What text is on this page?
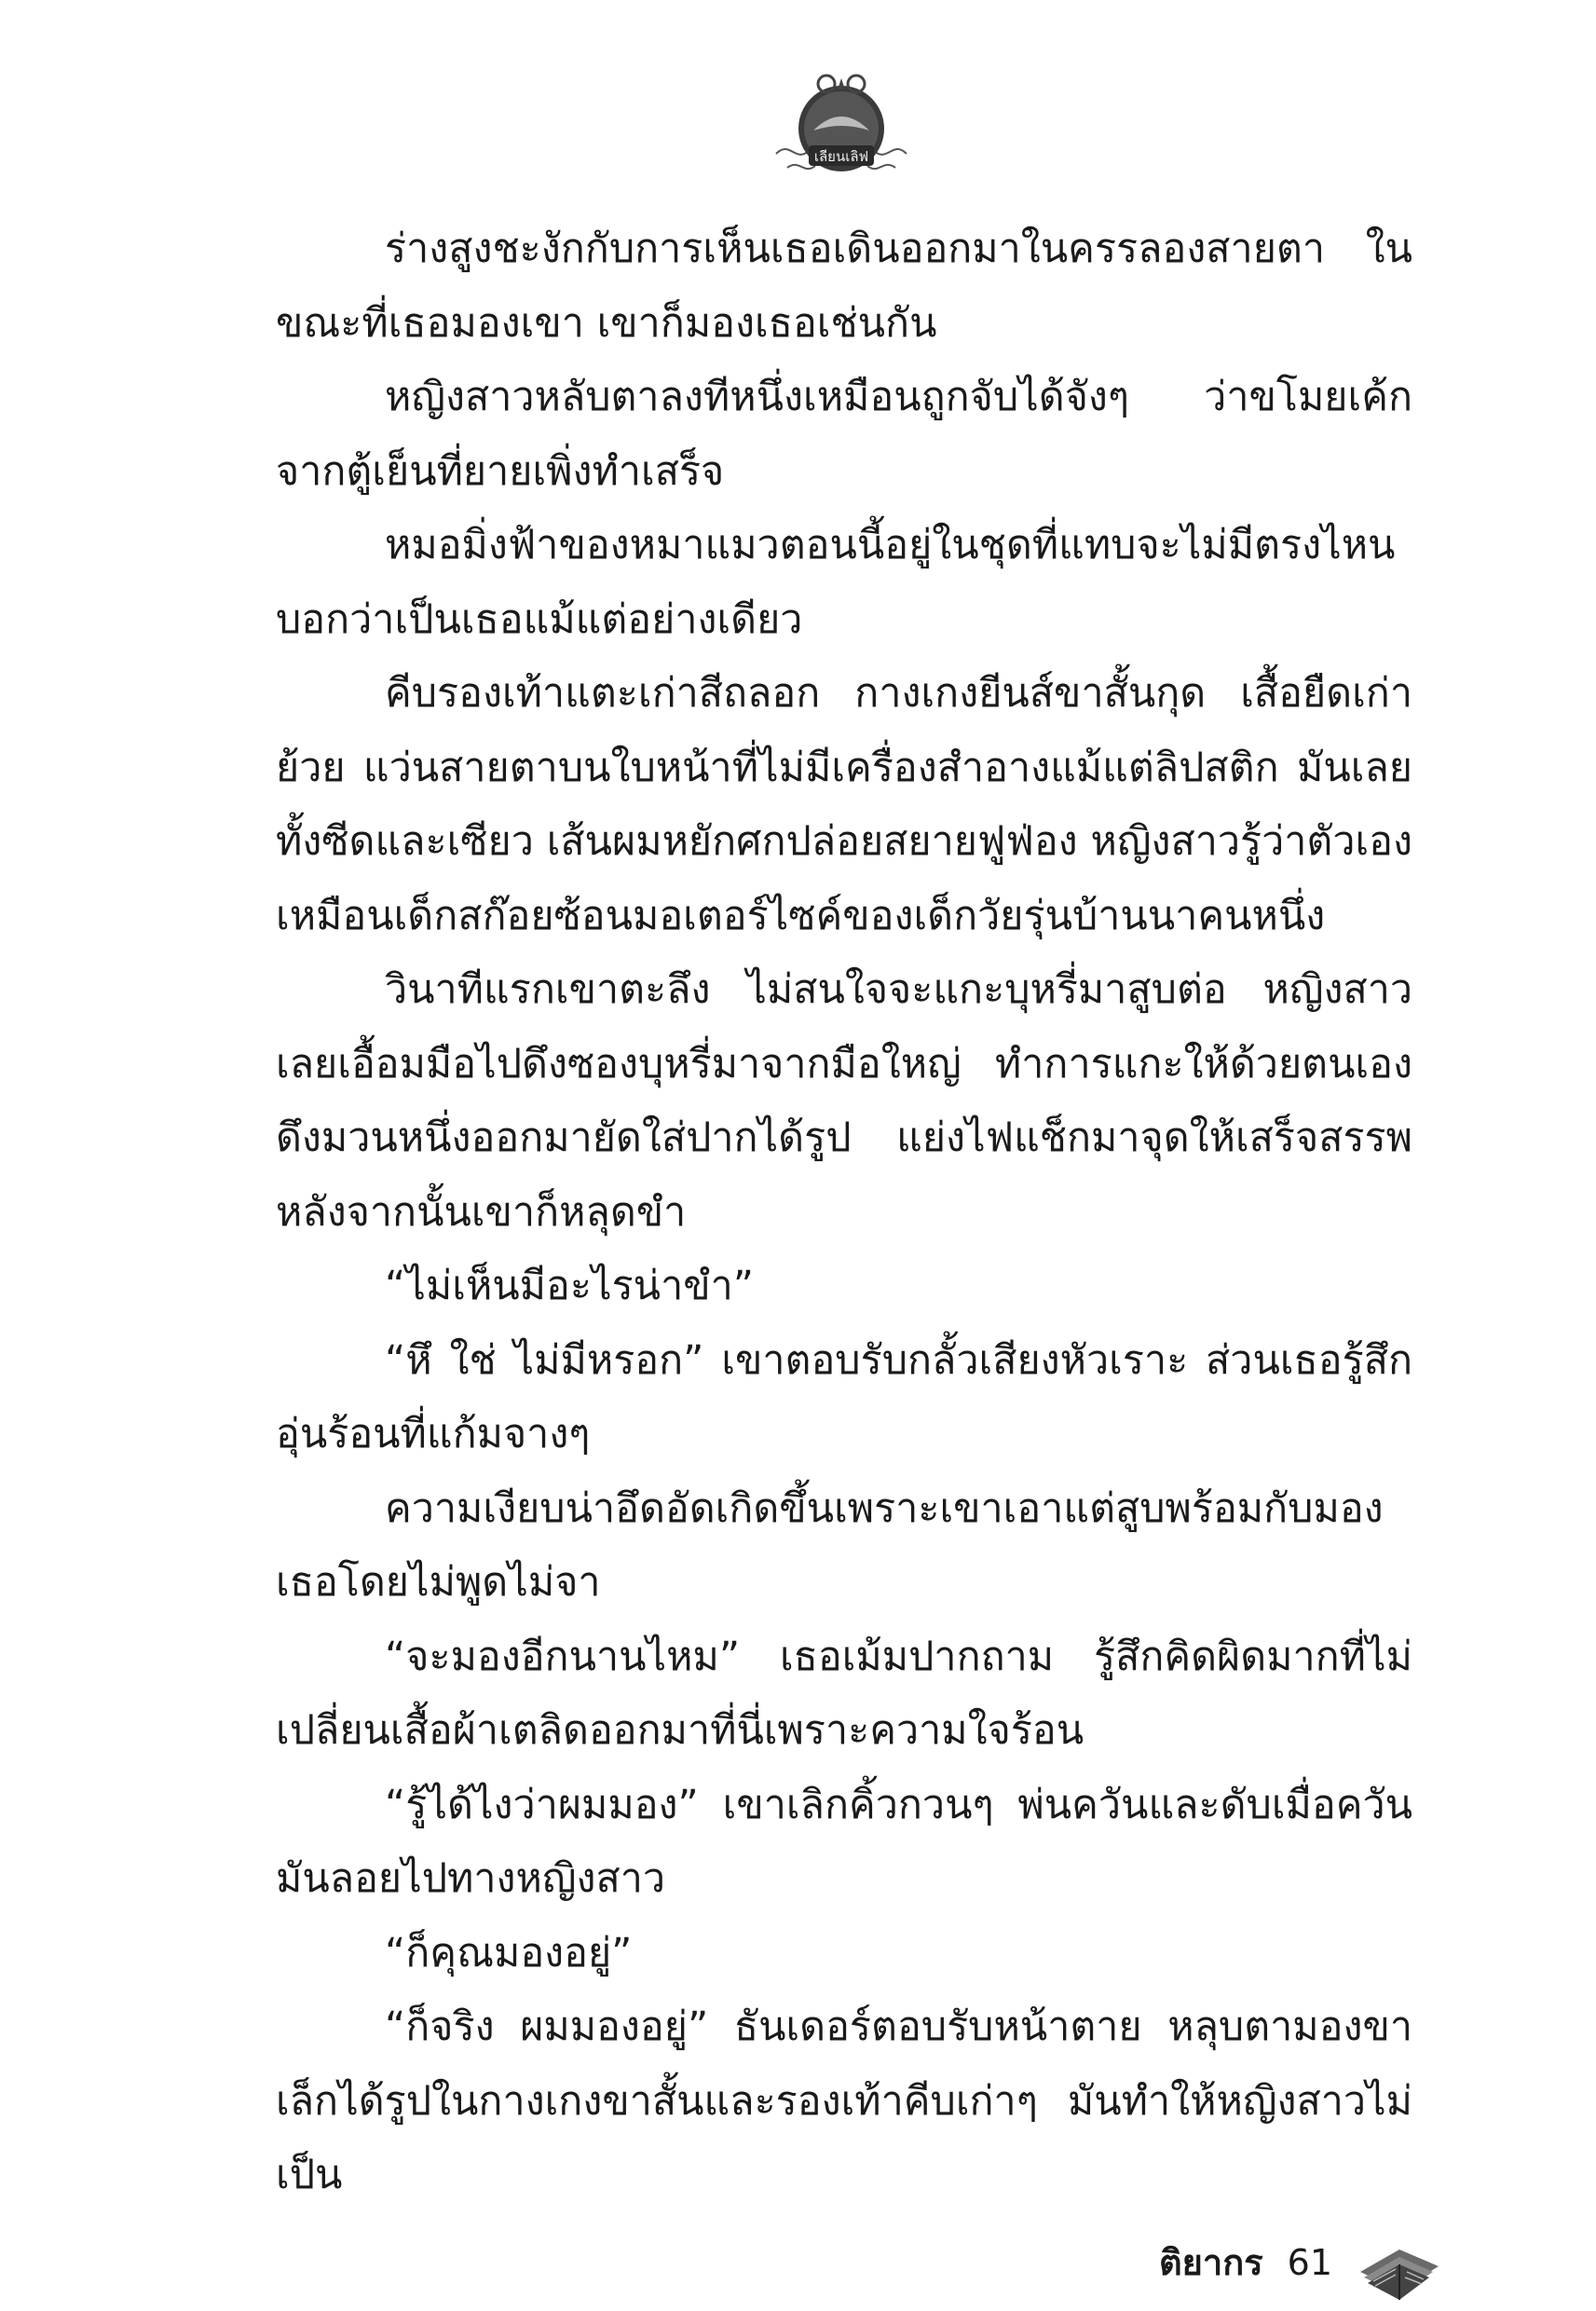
เลียนเลิฟ

ร่างสูงชะงักกับการเห็นเธอเดินออกมาในครรลองสายตา ในขณะที่เธอมองเขา เขาก็มองเธอเช่นกัน

หญิงสาวหลับตาลงทีหนึ่งเหมือนถูกจับได้จังๆ ว่าขโมยเค้กจากตู้เย็นที่ยายเพิ่งทำเสร็จ

หมอมิ่งฟ้าของหมาแมวตอนนี้อยู่ในชุดที่แทบจะไม่มีตรงไหนบอกว่าเป็นเธอแม้แต่อย่างเดียว

คีบรองเท้าแตะเก่าสีถลอก กางเกงยีนส์ขาสั้นกุด เสื้อยืดเก่าย้วย แว่นสายตาบนใบหน้าที่ไม่มีเครื่องสำอางแม้แต่ลิปสติก มันเลยทั้งซีดและเซียว เส้นผมหยักศกปล่อยสยายฟูฟ่อง หญิงสาวรู้ว่าตัวเองเหมือนเด็กสก๊อยซ้อนมอเตอร์ไซค์ของเด็กวัยรุ่นบ้านนาคนหนึ่ง

วินาทีแรกเขาตะลึง ไม่สนใจจะแกะบุหรี่มาสูบต่อ หญิงสาวเลยเอื้อมมือไปดึงซองบุหรี่มาจากมือใหญ่ ทำการแกะให้ด้วยตนเอง ดึงมวนหนึ่งออกมายัดใส่ปากได้รูป แย่งไฟแช็กมาจุดให้เสร็จสรรพ หลังจากนั้นเขาก็หลุดขำ

“ไม่เห็นมีอะไรน่าขำ”

“หึ ใช่ ไม่มีหรอก” เขาตอบรับกลั้วเสียงหัวเราะ ส่วนเธอรู้สึกอุ่นร้อนที่แก้มจางๆ

ความเงียบน่าอึดอัดเกิดขึ้นเพราะเขาเอาแต่สูบพร้อมกับมองเธอโดยไม่พูดไม่จา

“จะมองอีกนานไหม” เธอเม้มปากถาม รู้สึกคิดผิดมากที่ไม่เปลี่ยนเสื้อผ้าเตลิดออกมาที่นี่เพราะความใจร้อน

“รู้ได้ไงว่าผมมอง” เขาเลิกคิ้วกวนๆ พ่นควันและดับเมื่อควันมันลอยไปทางหญิงสาว

“ก็คุณมองอยู่”

“ก็จริง ผมมองอยู่” ธันเดอร์ตอบรับหน้าตาย หลุบตามองขาเล็กได้รูปในกางเกงขาสั้นและรองเท้าคีบเก่าๆ มันทำให้หญิงสาวไม่เป็น

ติยากร 61
